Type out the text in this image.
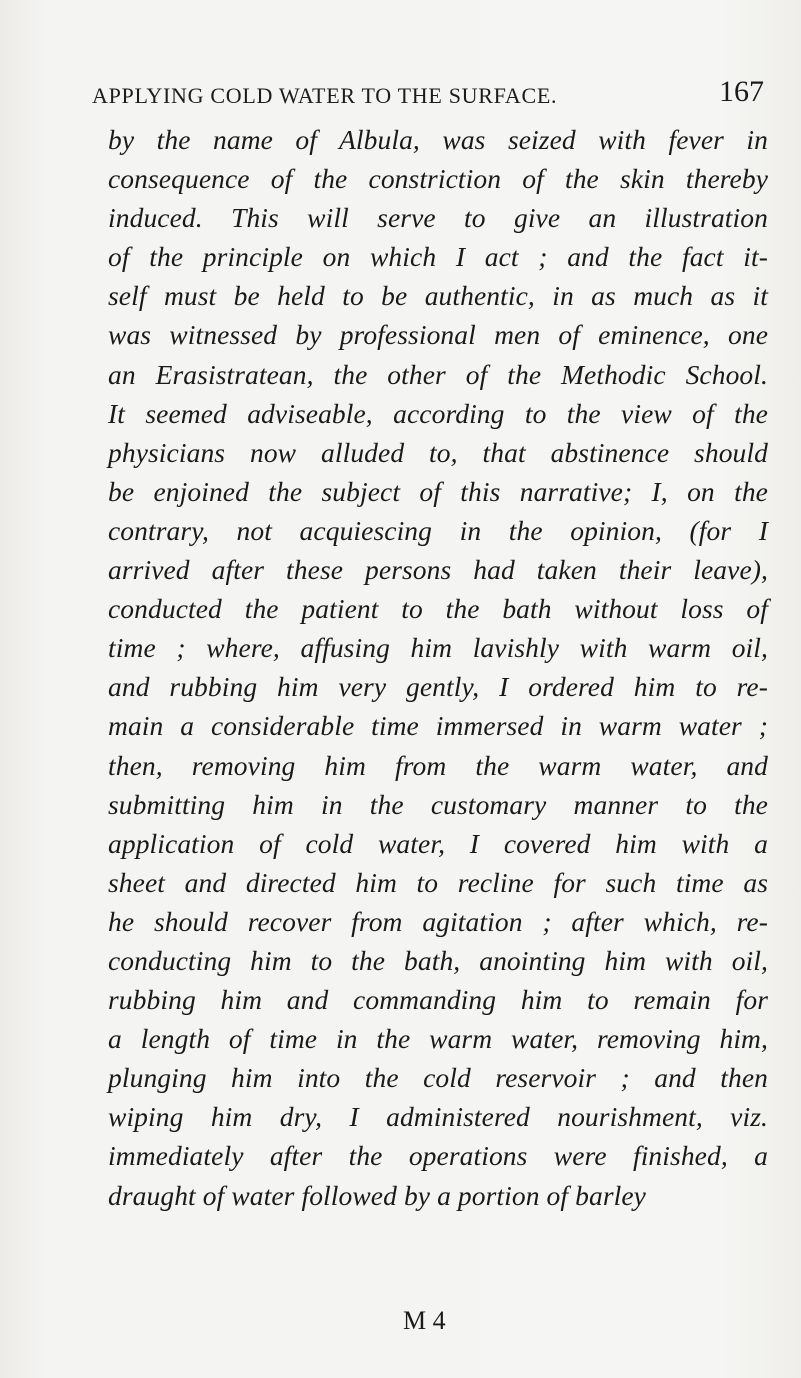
APPLYING COLD WATER TO THE SURFACE.	167
by the name of Albula, was seized with fever in
consequence of the constriction of the skin thereby
induced. This will serve to give an illustration
of the principle on which I act ; and the fact it-
self must be held to be authentic, in as much as it
was witnessed by professional men of eminence, one
an Erasistratean, the other of the Methodic School.
It seemed adviseable, according to the view of the
physicians now alluded to, that abstinence should
be enjoined the subject of this narrative; I, on the
contrary, not acquiescing in the opinion, (for I
arrived after these persons had taken their leave),
conducted the patient to the bath without loss of
time ; where, affusing him lavishly with warm oil,
and rubbing him very gently, I ordered him to re-
main a considerable time immersed in warm water ;
then, removing him from the warm water, and
submitting him in the customary manner to the
application of cold water, I covered him with a
sheet and directed him to recline for such time as
he should recover from agitation ; after which, re-
conducting him to the bath, anointing him with oil,
rubbing him and commanding him to remain for
a length of time in the warm water, removing him,
plunging him into the cold reservoir ; and then
wiping him dry, I administered nourishment, viz.
immediately after the operations were finished, a
draught of water followed by a portion of barley
M 4
